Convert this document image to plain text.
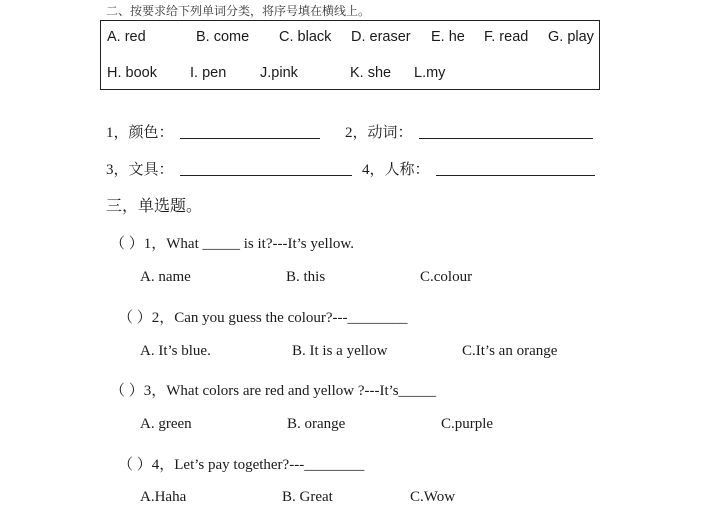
二、按要求给下列单词分类，将序号填在横线上。
A. red	B. come C. black D. eraser E. he F. read G. play
H. book I. pen J.pink	K. she L.my
1，颜色：	2，动词：
3，文具：	4，人称：
三，单选题。
（ ）1，What _____ is it?---It’s yellow.
A. name	B. this	C.colour
（ ）2，Can you guess the colour?---________
A. It’s blue.	B. It is a yellow	C.It’s an orange
（ ）3，What colors are red and yellow ?---It’s_____
A. green	B. orange	C.purple
（ ）4，Let’s pay together?---________
A.Haha	B. Great	C.Wow
